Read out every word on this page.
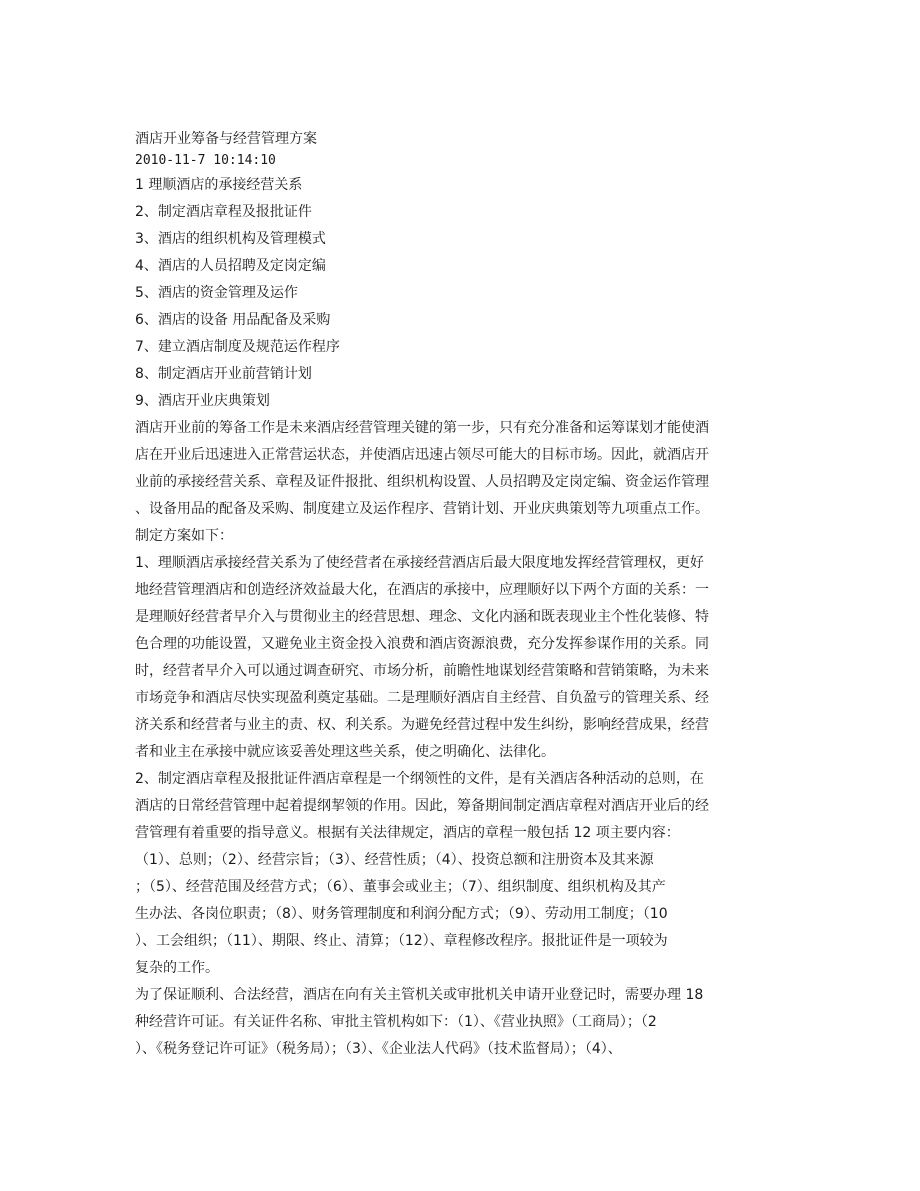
酒店开业筹备与经营管理方案
2010-11-7 10:14:10
1 理顺酒店的承接经营关系
2、制定酒店章程及报批证件
3、酒店的组织机构及管理模式
4、酒店的人员招聘及定岗定编
5、酒店的资金管理及运作
6、酒店的设备 用品配备及采购
7、建立酒店制度及规范运作程序
8、制定酒店开业前营销计划
9、酒店开业庆典策划
酒店开业前的筹备工作是未来酒店经营管理关键的第一步，只有充分准备和运筹谋划才能使酒
店在开业后迅速进入正常营运状态，并使酒店迅速占领尽可能大的目标市场。因此，就酒店开
业前的承接经营关系、章程及证件报批、组织机构设置、人员招聘及定岗定编、资金运作管理
、设备用品的配备及采购、制度建立及运作程序、营销计划、开业庆典策划等九项重点工作。
制定方案如下：
1、理顺酒店承接经营关系为了使经营者在承接经营酒店后最大限度地发挥经营管理权，更好
地经营管理酒店和创造经济效益最大化，在酒店的承接中，应理顺好以下两个方面的关系：一
是理顺好经营者早介入与贯彻业主的经营思想、理念、文化内涵和既表现业主个性化装修、特
色合理的功能设置，又避免业主资金投入浪费和酒店资源浪费，充分发挥参谋作用的关系。同
时，经营者早介入可以通过调查研究、市场分析，前瞻性地谋划经营策略和营销策略，为未来
市场竞争和酒店尽快实现盈利奠定基础。二是理顺好酒店自主经营、自负盈亏的管理关系、经
济关系和经营者与业主的责、权、利关系。为避免经营过程中发生纠纷，影响经营成果，经营
者和业主在承接中就应该妥善处理这些关系，使之明确化、法律化。
2、制定酒店章程及报批证件酒店章程是一个纲领性的文件，是有关酒店各种活动的总则，在
酒店的日常经营管理中起着提纲挈领的作用。因此，筹备期间制定酒店章程对酒店开业后的经
营管理有着重要的指导意义。根据有关法律规定，酒店的章程一般包括 12 项主要内容：
（1）、总则；（2）、经营宗旨；（3）、经营性质；（4）、投资总额和注册资本及其来源
；（5）、经营范围及经营方式；（6）、董事会或业主；（7）、组织制度、组织机构及其产
生办法、各岗位职责；（8）、财务管理制度和利润分配方式；（9）、劳动用工制度；（10
）、工会组织；（11）、期限、终止、清算；（12）、章程修改程序。报批证件是一项较为
复杂的工作。
为了保证顺利、合法经营，酒店在向有关主管机关或审批机关申请开业登记时，需要办理 18
种经营许可证。有关证件名称、审批主管机构如下：（1）、《营业执照》（工商局）；（2
）、《税务登记许可证》（税务局）；（3）、《企业法人代码》（技术监督局）；（4）、
